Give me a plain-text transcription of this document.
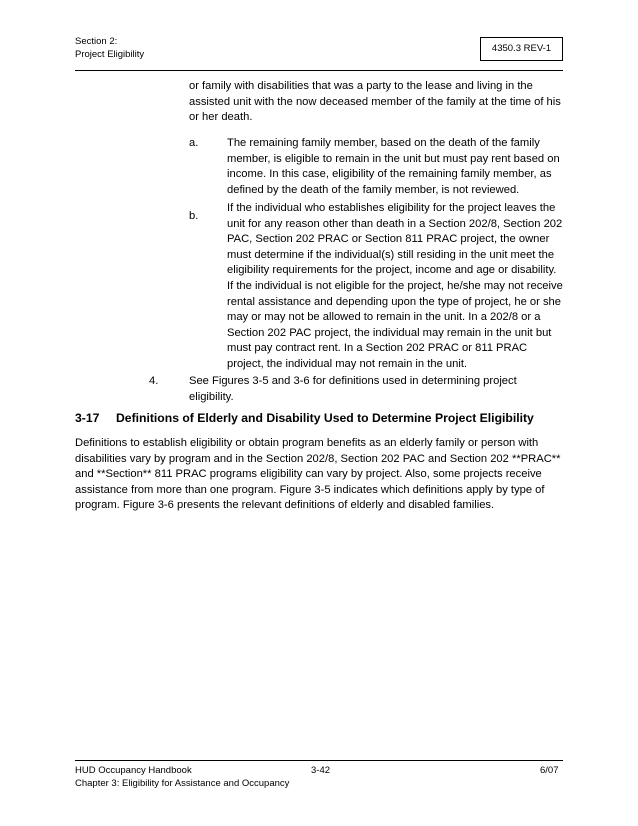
Section 2:
Project Eligibility	4350.3 REV-1
or family with disabilities that was a party to the lease and living in the assisted unit with the now deceased member of the family at the time of his or her death.
a.	The remaining family member, based on the death of the family member, is eligible to remain in the unit but must pay rent based on income. In this case, eligibility of the remaining family member, as defined by the death of the family member, is not reviewed.
b.
If the individual who establishes eligibility for the project leaves the unit for any reason other than death in a Section 202/8, Section 202 PAC, Section 202 PRAC or Section 811 PRAC project, the owner must determine if the individual(s) still residing in the unit meet the eligibility requirements for the project, income and age or disability. If the individual is not eligible for the project, he/she may not receive rental assistance and depending upon the type of project, he or she may or may not be allowed to remain in the unit. In a 202/8 or a Section 202 PAC project, the individual may remain in the unit but must pay contract rent. In a Section 202 PRAC or 811 PRAC project, the individual may not remain in the unit.
4.	See Figures 3-5 and 3-6 for definitions used in determining project eligibility.
3-17 Definitions of Elderly and Disability Used to Determine Project Eligibility
Definitions to establish eligibility or obtain program benefits as an elderly family or person with disabilities vary by program and in the Section 202/8, Section 202 PAC and Section 202 **PRAC** and **Section** 811 PRAC programs eligibility can vary by project. Also, some projects receive assistance from more than one program. Figure 3-5 indicates which definitions apply by type of program. Figure 3-6 presents the relevant definitions of elderly and disabled families.
HUD Occupancy Handbook
Chapter 3: Eligibility for Assistance and Occupancy
3-42	6/07
